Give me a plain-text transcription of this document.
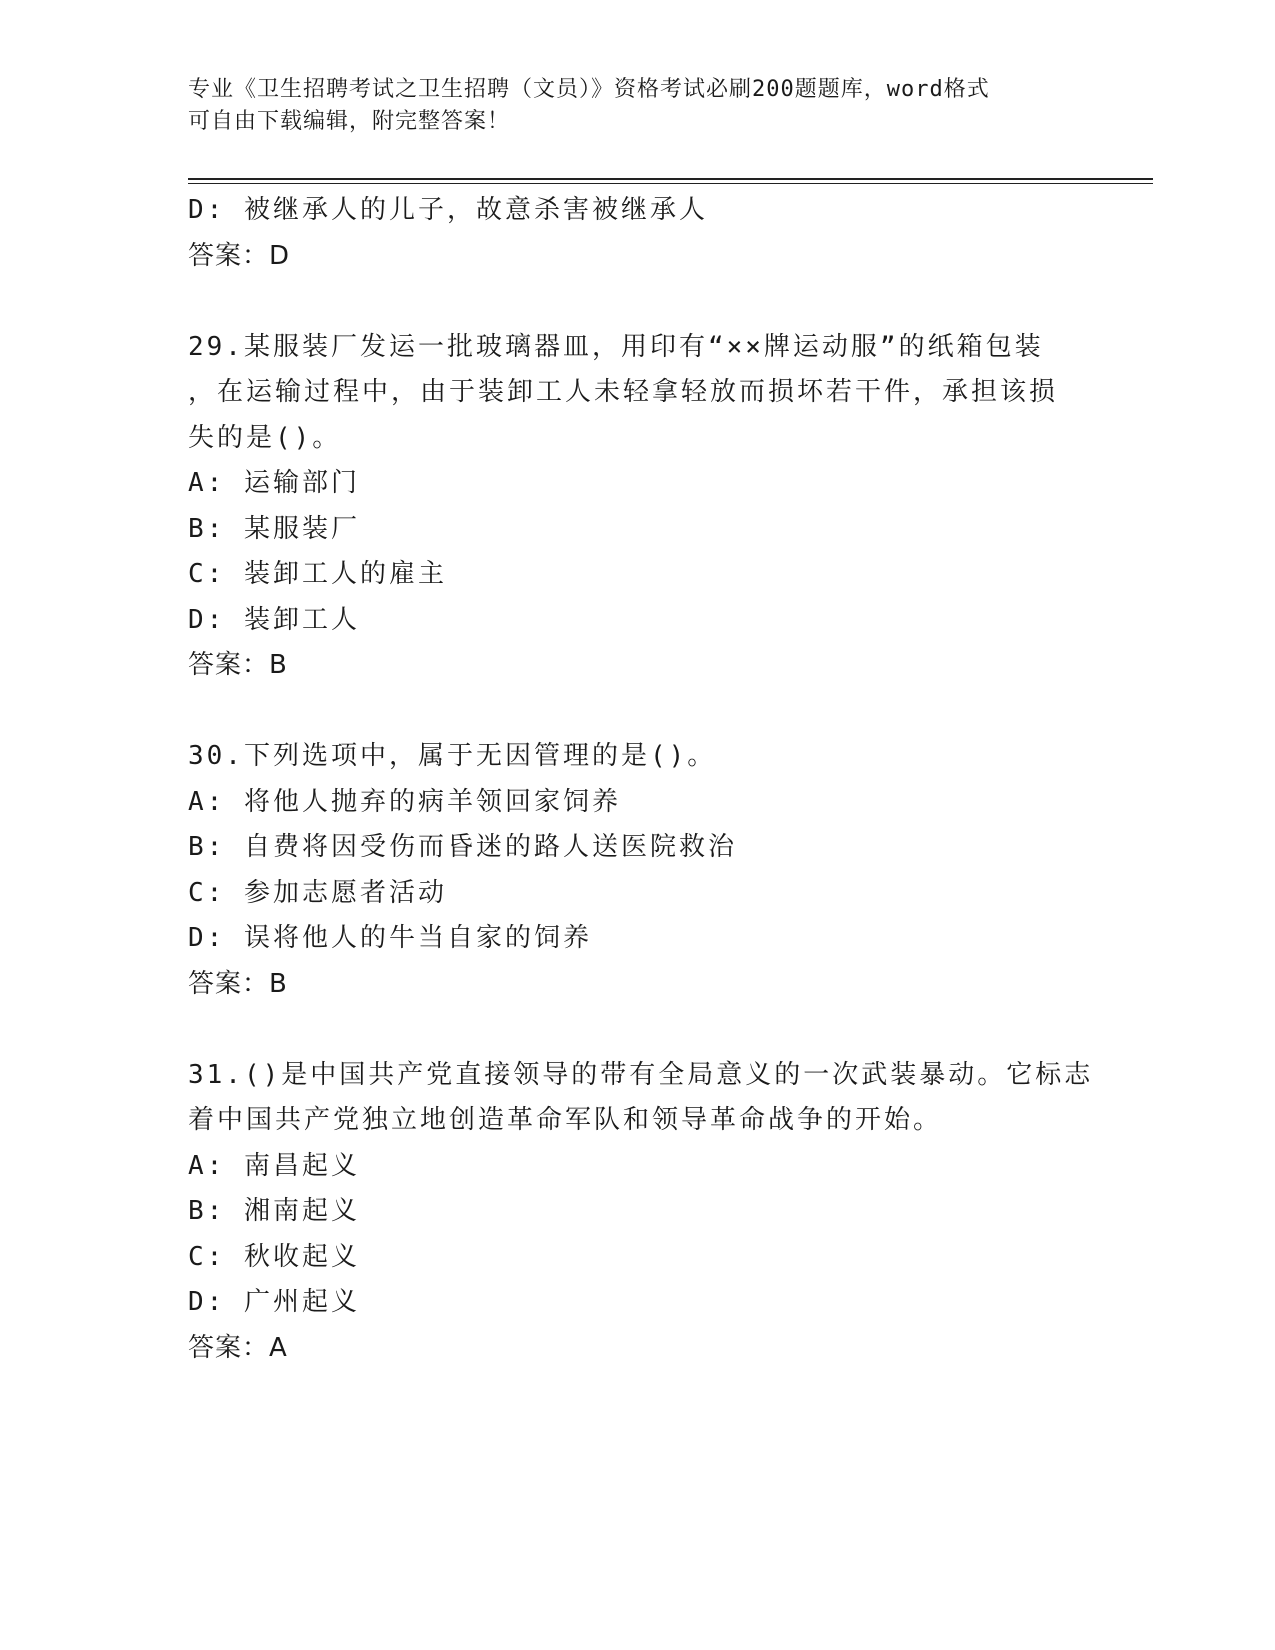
专业《卫生招聘考试之卫生招聘（文员）》资格考试必刷200题题库，word格式
可自由下载编辑，附完整答案！
D: 被继承人的儿子，故意杀害被继承人
答案：D
29.某服装厂发运一批玻璃器皿，用印有“××牌运动服”的纸箱包装
，在运输过程中，由于装卸工人未轻拿轻放而损坏若干件，承担该损
失的是()。
A: 运输部门
B: 某服装厂
C: 装卸工人的雇主
D: 装卸工人
答案：B
30.下列选项中，属于无因管理的是()。
A: 将他人抛弃的病羊领回家饲养
B: 自费将因受伤而昏迷的路人送医院救治
C: 参加志愿者活动
D: 误将他人的牛当自家的饲养
答案：B
31.()是中国共产党直接领导的带有全局意义的一次武装暴动。它标志
着中国共产党独立地创造革命军队和领导革命战争的开始。
A: 南昌起义
B: 湘南起义
C: 秋收起义
D: 广州起义
答案：A
